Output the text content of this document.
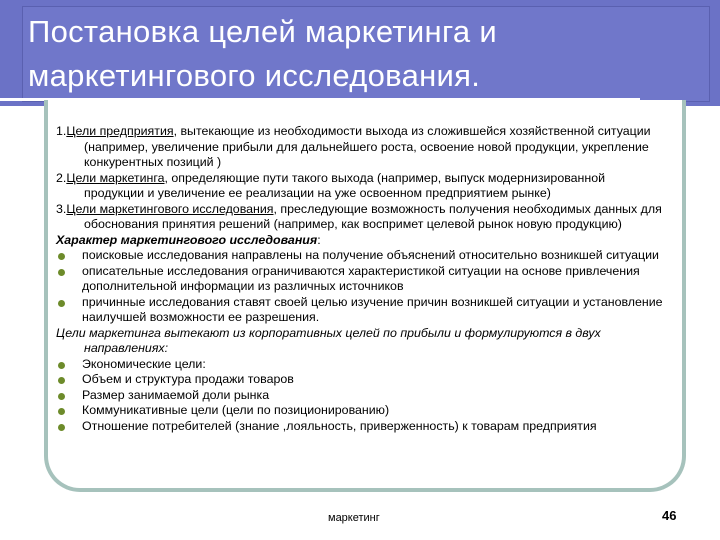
Постановка целей маркетинга и
маркетингового исследования.

1.Цели предприятия, вытекающие из необходимости выхода из сложившейся хозяйственной ситуации (например, увеличение прибыли для дальнейшего роста, освоение новой продукции, укрепление конкурентных позиций )

2.Цели маркетинга, определяющие пути такого выхода (например, выпуск модернизированной продукции и увеличение ее реализации на уже освоенном предприятием рынке)

3.Цели маркетингового исследования, преследующие возможность получения необходимых данных для обоснования принятия решений (например, как воспримет целевой рынок новую продукцию)

Характер маркетингового исследования:

поисковые исследования направлены на получение объяснений относительно возникшей ситуации

описательные исследования ограничиваются характеристикой ситуации на основе привлечения дополнительной информации из различных источников

причинные исследования ставят своей целью изучение причин возникшей ситуации и установление наилучшей возможности ее разрешения.

Цели маркетинга вытекают из корпоративных целей по прибыли и формулируются в двух направлениях:

Экономические цели:

Объем и структура продажи товаров

Размер занимаемой доли рынка

Коммуникативные цели (цели по позиционированию)

Отношение потребителей (знание ,лояльность, приверженность) к товарам предприятия

маркетинг	46
